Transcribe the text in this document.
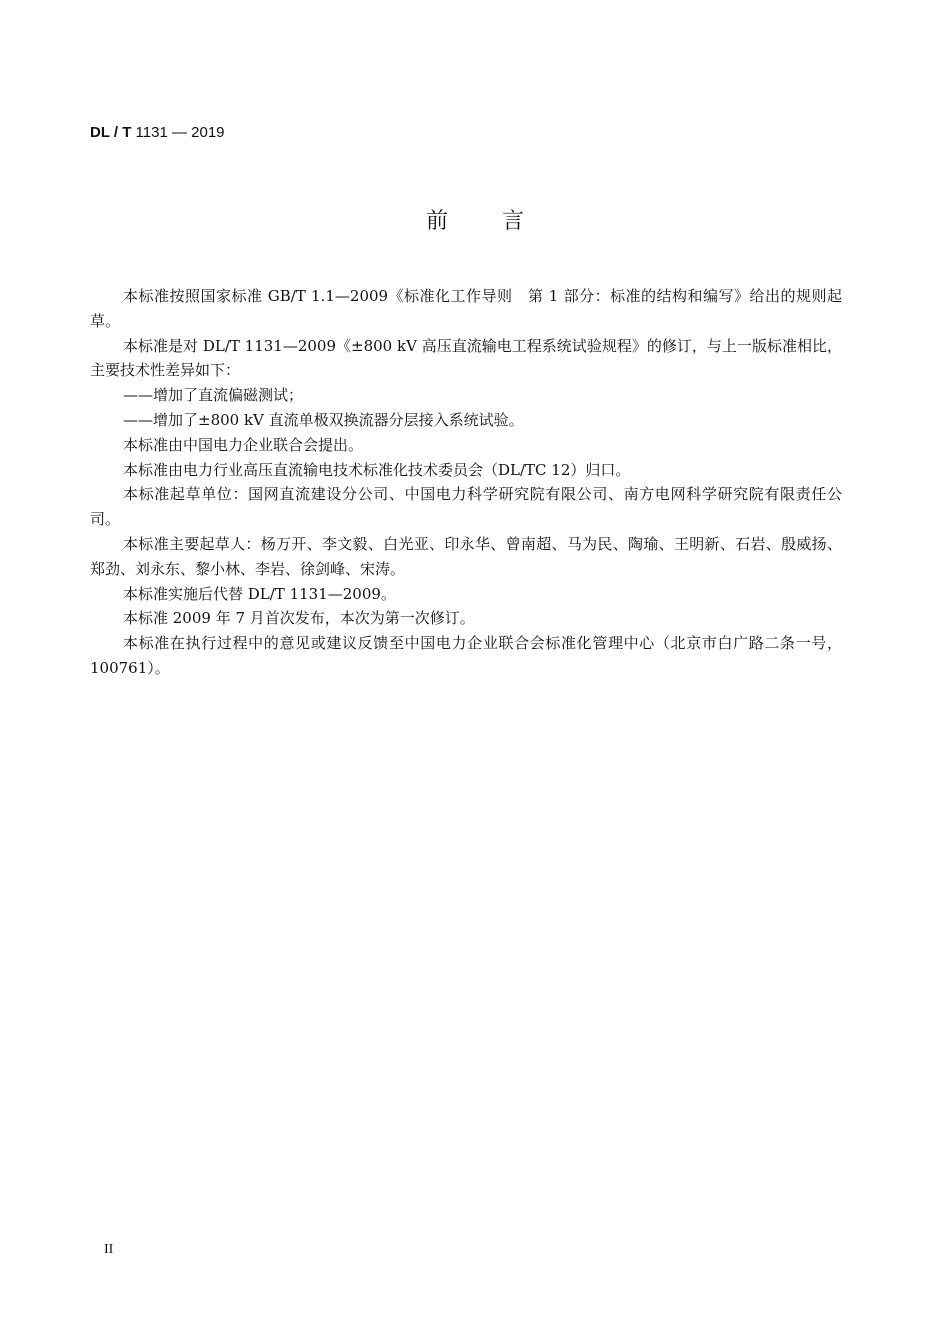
DL / T 1131 — 2019
前 言

本标准按照国家标准 GB/T 1.1—2009《标准化工作导则　第 1 部分：标准的结构和编写》给出的规则起草。

本标准是对 DL/T 1131—2009《±800 kV 高压直流输电工程系统试验规程》的修订，与上一版标准相比，主要技术性差异如下：

——增加了直流偏磁测试；

——增加了±800 kV 直流单极双换流器分层接入系统试验。

本标准由中国电力企业联合会提出。

本标准由电力行业高压直流输电技术标准化技术委员会（DL/TC 12）归口。

本标准起草单位：国网直流建设分公司、中国电力科学研究院有限公司、南方电网科学研究院有限责任公司。

本标准主要起草人：杨万开、李文毅、白光亚、印永华、曾南超、马为民、陶瑜、王明新、石岩、殷威扬、郑劲、刘永东、黎小林、李岩、徐剑峰、宋涛。

本标准实施后代替 DL/T 1131—2009。

本标准 2009 年 7 月首次发布，本次为第一次修订。

本标准在执行过程中的意见或建议反馈至中国电力企业联合会标准化管理中心（北京市白广路二条一号，100761）。

II
